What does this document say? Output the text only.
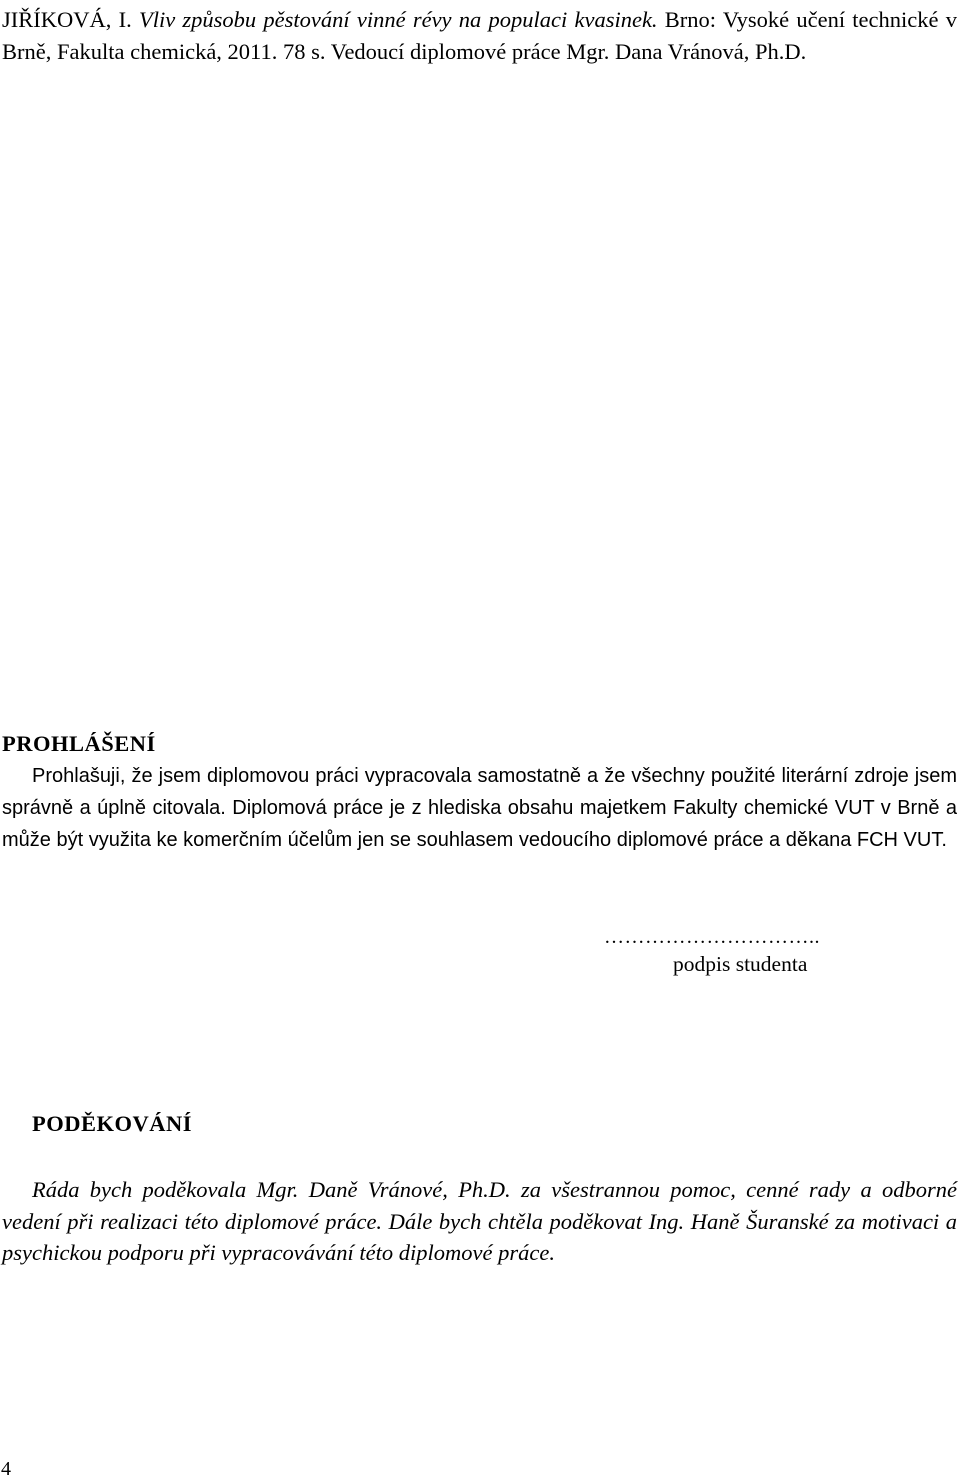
JIŘÍKOVÁ, I. Vliv způsobu pěstování vinné révy na populaci kvasinek. Brno: Vysoké učení technické v Brně, Fakulta chemická, 2011. 78 s. Vedoucí diplomové práce Mgr. Dana Vránová, Ph.D.
PROHLÁŠENÍ
Prohlašuji, že jsem diplomovou práci vypracovala samostatně a že všechny použité literární zdroje jsem správně a úplně citovala. Diplomová práce je z hlediska obsahu majetkem Fakulty chemické VUT v Brně a může být využita ke komerčním účelům jen se souhlasem vedoucího diplomové práce a děkana FCH VUT.
…………………………..
podpis studenta
PODĚKOVÁNÍ
Ráda bych poděkovala Mgr. Daně Vránové, Ph.D. za všestrannou pomoc, cenné rady a odborné vedení při realizaci této diplomové práce. Dále bych chtěla poděkovat Ing. Haně Šuranské za motivaci a psychickou podporu při vypracovávání této diplomové práce.
4
